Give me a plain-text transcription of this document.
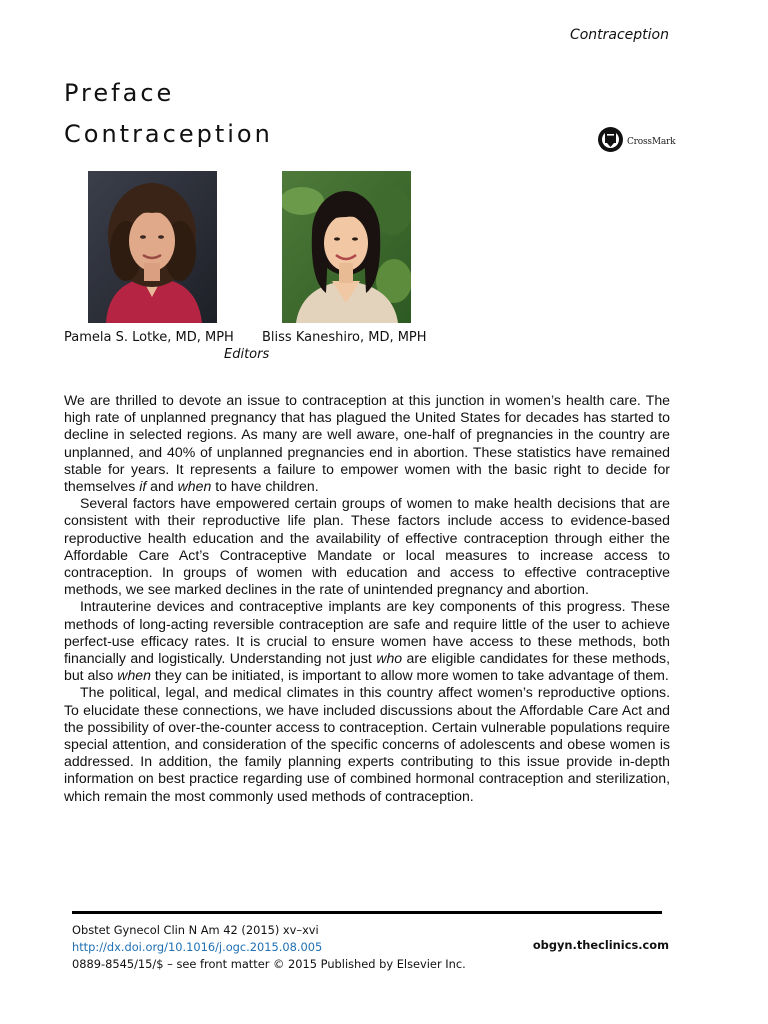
Contraception
Preface
Contraception	CrossMark
Pamela S. Lotke, MD, MPH Bliss Kaneshiro, MD, MPH
Editors

We are thrilled to devote an issue to contraception at this junction in women’s health care. The high rate of unplanned pregnancy that has plagued the United States for decades has started to decline in selected regions. As many are well aware, one-half of pregnancies in the country are unplanned, and 40% of unplanned pregnancies end in abortion. These statistics have remained stable for years. It represents a failure to empower women with the basic right to decide for themselves if and when to have children.

Several factors have empowered certain groups of women to make health decisions that are consistent with their reproductive life plan. These factors include access to evidence-based reproductive health education and the availability of effective contraception through either the Affordable Care Act’s Contraceptive Mandate or local measures to increase access to contraception. In groups of women with education and access to effective contraceptive methods, we see marked declines in the rate of unintended pregnancy and abortion.

Intrauterine devices and contraceptive implants are key components of this progress. These methods of long-acting reversible contraception are safe and require little of the user to achieve perfect-use efficacy rates. It is crucial to ensure women have access to these methods, both financially and logistically. Understanding not just who are eligible candidates for these methods, but also when they can be initiated, is important to allow more women to take advantage of them.

The political, legal, and medical climates in this country affect women’s reproductive options. To elucidate these connections, we have included discussions about the Affordable Care Act and the possibility of over-the-counter access to contraception. Certain vulnerable populations require special attention, and consideration of the specific concerns of adolescents and obese women is addressed. In addition, the family planning experts contributing to this issue provide in-depth information on best practice regarding use of combined hormonal contraception and sterilization, which remain the most commonly used methods of contraception.

Obstet Gynecol Clin N Am 42 (2015) xv–xvi
http://dx.doi.org/10.1016/j.ogc.2015.08.005
0889-8545/15/$ – see front matter © 2015 Published by Elsevier Inc.
obgyn.theclinics.com
